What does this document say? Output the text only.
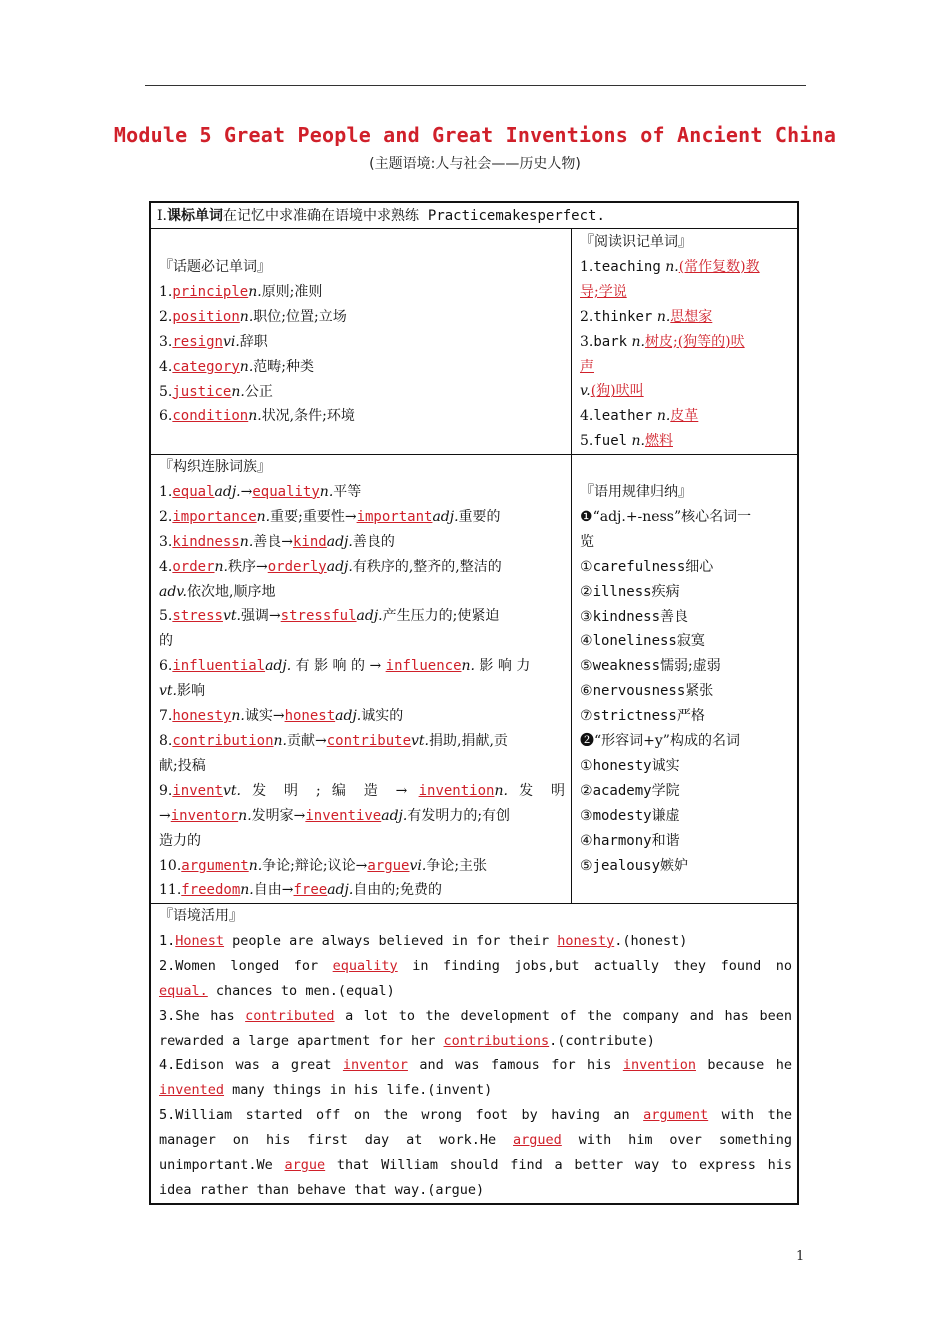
Module 5 Great People and Great Inventions of Ancient China
(主题语境:人与社会——历史人物)
Ⅰ.课标单词在记忆中求准确在语境中求熟练 Practicemakesperfect.
『话题必记单词』
1.principlen.原则;准则
2.positionn.职位;位置;立场
3.resignvi.辞职
4.categoryn.范畴;种类
5.justicen.公正
6.conditionn.状况,条件;环境
『阅读识记单词』
1.teaching n.(常作复数)教
导;学说
2.thinker n.思想家
3.bark n.树皮;(狗等的)吠
声
v.(狗)吠叫
4.leather n.皮革
5.fuel n.燃料
『构织连脉词族』
1.equaladj.→equalityn.平等
2.importancen.重要;重要性→importantadj.重要的
3.kindnessn.善良→kindadj.善良的
4.ordern.秩序→orderlyadj.有秩序的,整齐的,整洁的
adv.依次地,顺序地
5.stressvt.强调→stressfuladj.产生压力的;使紧迫
的
6.influentialadj. 有 影 响 的 → influencen. 影 响 力
vt.影响
7.honestyn.诚实→honestadj.诚实的
8.contributionn.贡献→contributevt.捐助,捐献,贡
献;投稿
9.inventvt. 发 明 ; 编 造 → inventionn. 发 明
→inventorn.发明家→inventiveadj.有发明力的;有创
造力的
10.argumentn.争论;辩论;议论→arguevi.争论;主张
11.freedomn.自由→freeadj.自由的;免费的
『语用规律归纳』
❶“adj.+-ness”核心名词一
览
①carefulness细心
②illness疾病
③kindness善良
④loneliness寂寞
⑤weakness懦弱;虚弱
⑥nervousness紧张
⑦strictness严格
❷“形容词+y”构成的名词
①honesty诚实
②academy学院
③modesty谦虚
④harmony和谐
⑤jealousy嫉妒
『语境活用』
1.Honest people are always believed in for their honesty.(honest)
2.Women longed for equality in finding jobs,but actually they found no
equal. chances to men.(equal)
3.She has contributed a lot to the development of the company and has been
rewarded a large apartment for her contributions.(contribute)
4.Edison was a great inventor and was famous for his invention because he
invented many things in his life.(invent)
5.William started off on the wrong foot by having an argument with the
manager on his first day at work.He argued with him over something
unimportant.We argue that William should find a better way to express his
idea rather than behave that way.(argue)
1
